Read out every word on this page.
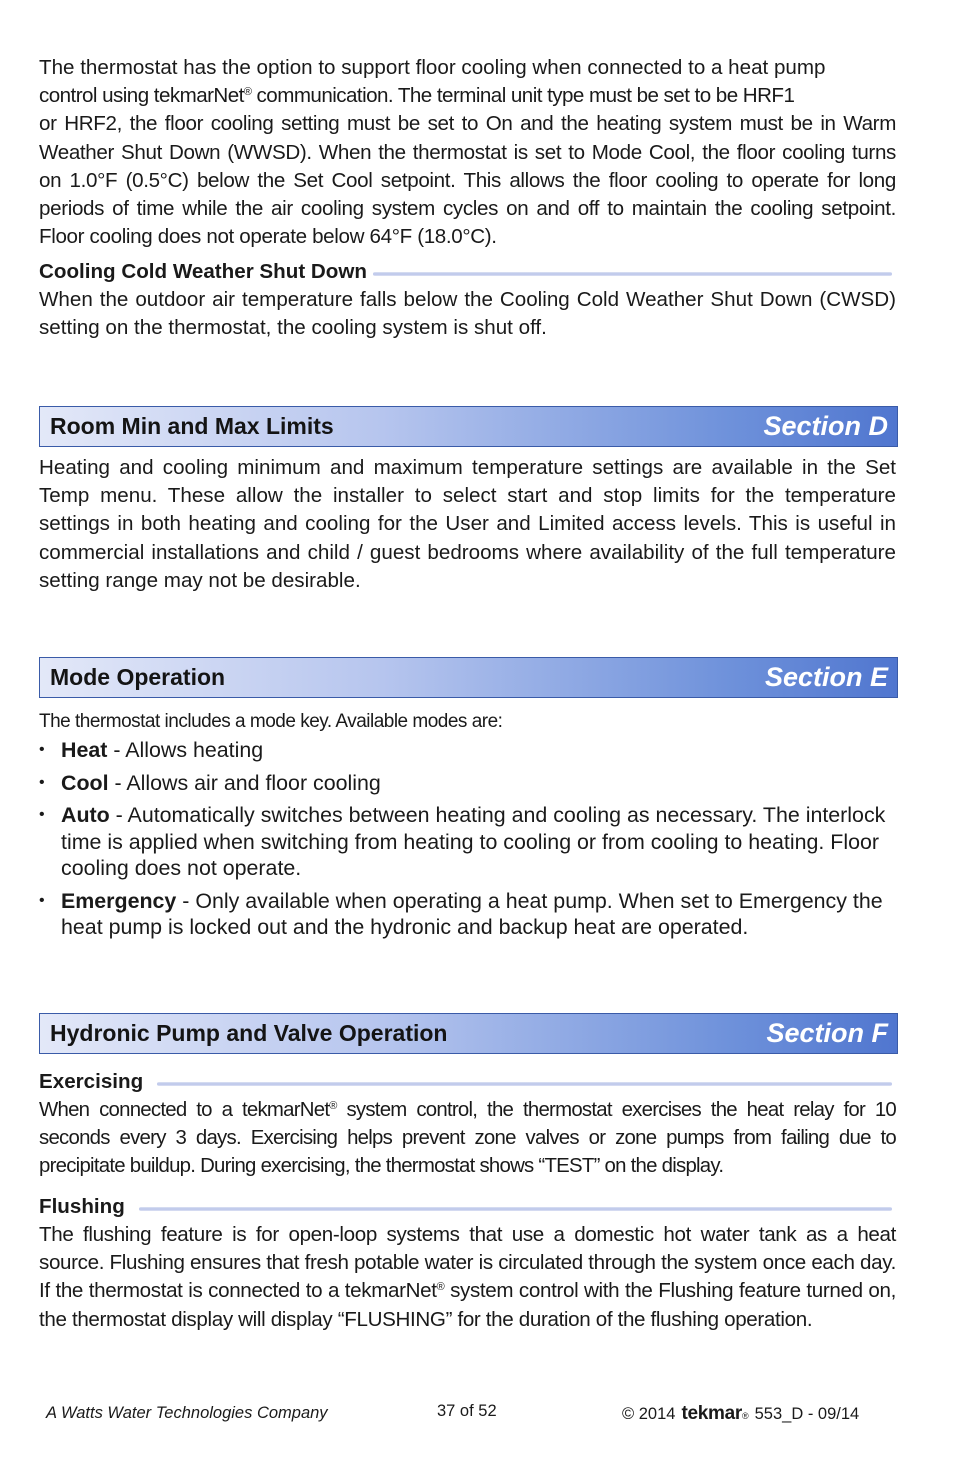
The thermostat has the option to support floor cooling when connected to a heat pump
control using tekmarNet® communication. The terminal unit type must be set to be HRF1

or HRF2, the floor cooling setting must be set to On and the heating system must be in Warm Weather Shut Down (WWSD). When the thermostat is set to Mode Cool, the floor cooling turns on 1.0°F (0.5°C) below the Set Cool setpoint. This allows the floor cooling to operate for long periods of time while the air cooling system cycles on and off to maintain the cooling setpoint. Floor cooling does not operate below 64°F (18.0°C).

Cooling Cold Weather Shut Down

When the outdoor air temperature falls below the Cooling Cold Weather Shut Down (CWSD) setting on the thermostat, the cooling system is shut off.

Room Min and Max Limits	Section D

Heating and cooling minimum and maximum temperature settings are available in the Set Temp menu. These allow the installer to select start and stop limits for the temperature settings in both heating and cooling for the User and Limited access levels. This is useful in commercial installations and child / guest bedrooms where availability of the full temperature setting range may not be desirable.

Mode Operation	Section E

The thermostat includes a mode key. Available modes are:

• Heat - Allows heating
• Cool - Allows air and floor cooling
• Auto - Automatically switches between heating and cooling as necessary. The interlock time is applied when switching from heating to cooling or from cooling to heating. Floor cooling does not operate.
• Emergency - Only available when operating a heat pump. When set to Emergency the heat pump is locked out and the hydronic and backup heat are operated.
Hydronic Pump and Valve Operation	Section F
Exercising

When connected to a tekmarNet® system control, the thermostat exercises the heat relay for 10 seconds every 3 days. Exercising helps prevent zone valves or zone pumps from failing due to precipitate buildup. During exercising, the thermostat shows “TEST” on the display.

Flushing

The flushing feature is for open-loop systems that use a domestic hot water tank as a heat source. Flushing ensures that fresh potable water is circulated through the system once each day. If the thermostat is connected to a tekmarNet® system control with the Flushing feature turned on, the thermostat display will display “FLUSHING” for the duration of the flushing operation.

A Watts Water Technologies Company	37 of 52	© 2014 tekmar ® 553_D - 09/14
